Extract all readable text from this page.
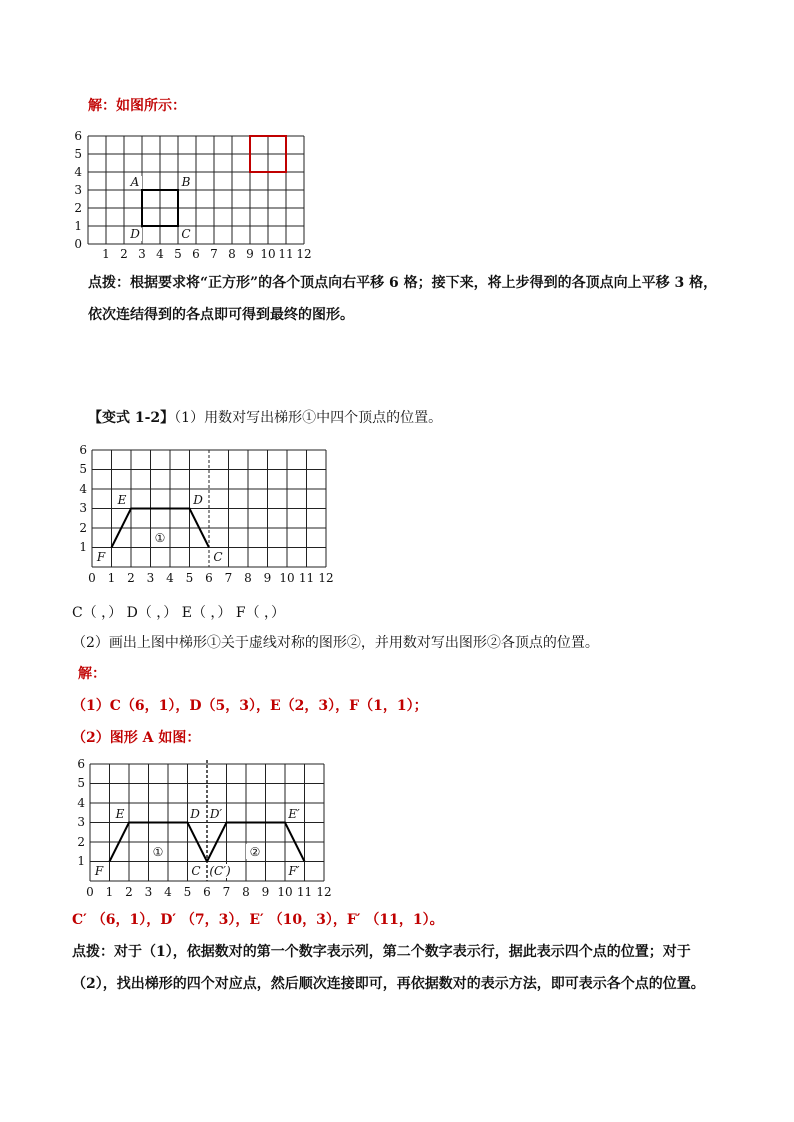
解：如图所示：
6
5
4
3
2
1
0
1 2 3 4 5 6 7 8 9 10 11 12
A	B
D	C
点拨：根据要求将“正方形”的各个顶点向右平移 6 格；接下来，将上步得到的各顶点向上平移 3 格，依次连结得到的各点即可得到最终的图形。
【变式 1-2】（1）用数对写出梯形①中四个顶点的位置。
6
5
4
3
2
1
0 1 2 3 4 5 6 7 8 9 10 11 12
E	D
F	C
①
C（ ，） D（ ，） E（ ，） F（ ，）
（2）画出上图中梯形①关于虚线对称的图形②，并用数对写出图形②各顶点的位置。
解：
（1）C（6，1），D（5，3），E（2，3），F（1，1）；
（2）图形 A 如图：
6
5
4
3
2
1
0 1 2 3 4 5 6 7 8 9 10 11 12
E	D D′	E′
F	C (C′)	F′
①	②
C′ （6，1），D′ （7，3），E′ （10，3），F′ （11，1）。
点拨：对于（1），依据数对的第一个数字表示列，第二个数字表示行，据此表示四个点的位置；对于（2），找出梯形的四个对应点，然后顺次连接即可，再依据数对的表示方法，即可表示各个点的位置。
